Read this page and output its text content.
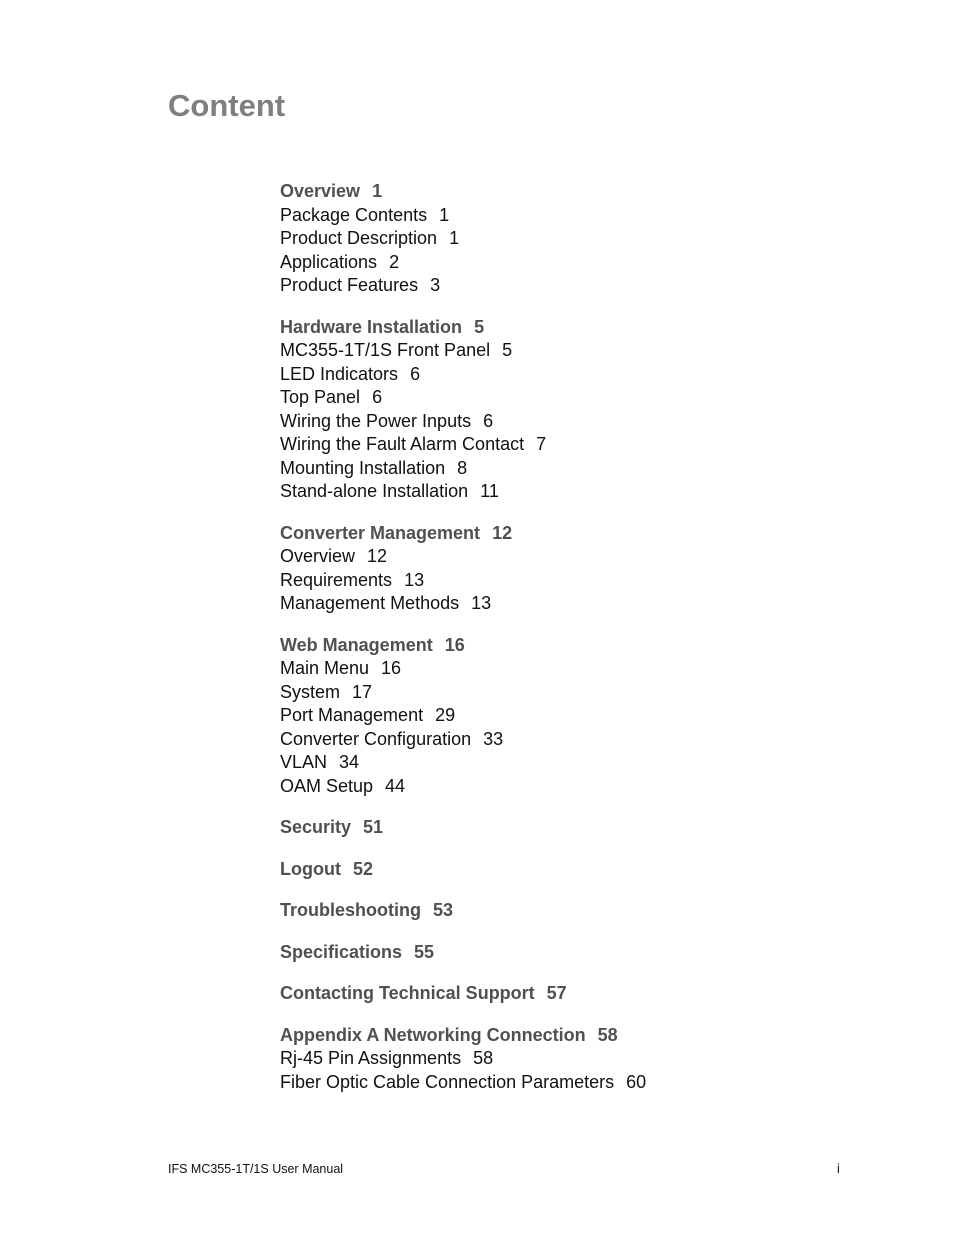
Content
Overview 1
Package Contents 1
Product Description 1
Applications 2
Product Features 3
Hardware Installation 5
MC355-1T/1S Front Panel 5
LED Indicators 6
Top Panel 6
Wiring the Power Inputs 6
Wiring the Fault Alarm Contact 7
Mounting Installation 8
Stand-alone Installation 11
Converter Management 12
Overview 12
Requirements 13
Management Methods 13
Web Management 16
Main Menu 16
System 17
Port Management 29
Converter Configuration 33
VLAN 34
OAM Setup 44
Security 51
Logout 52
Troubleshooting 53
Specifications 55
Contacting Technical Support 57
Appendix A Networking Connection 58
Rj-45 Pin Assignments 58
Fiber Optic Cable Connection Parameters 60
IFS MC355-1T/1S User Manual	i
